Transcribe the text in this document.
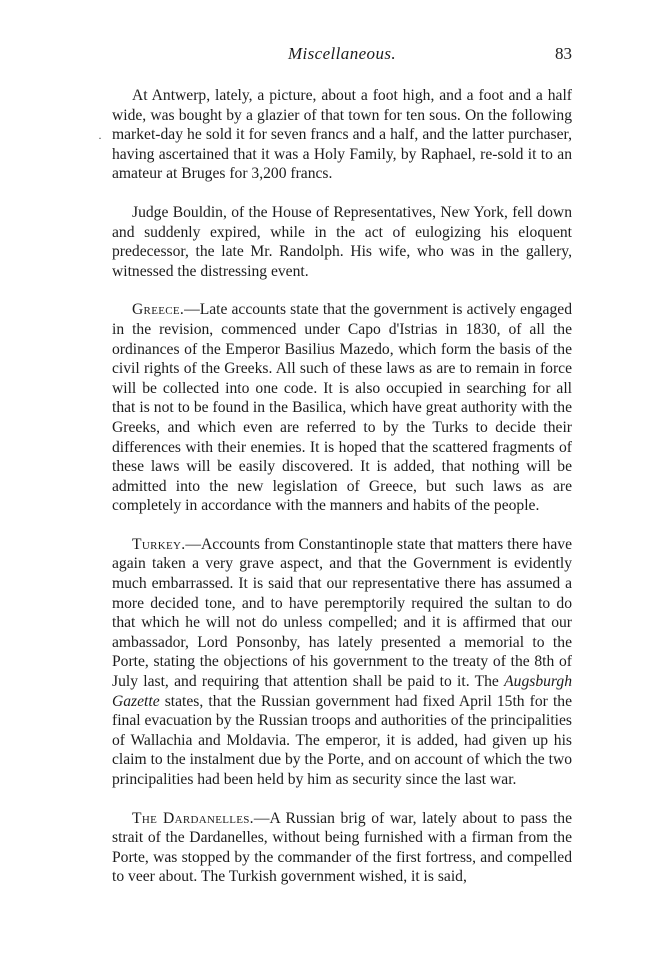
Miscellaneous.	83
·

At Antwerp, lately, a picture, about a foot high, and a foot and a half wide, was bought by a glazier of that town for ten sous. On the following market-day he sold it for seven francs and a half, and the latter purchaser, having ascertained that it was a Holy Family, by Raphael, re-sold it to an amateur at Bruges for 3,200 francs.

Judge Bouldin, of the House of Representatives, New York, fell down and suddenly expired, while in the act of eulogizing his eloquent predecessor, the late Mr. Randolph. His wife, who was in the gallery, witnessed the distressing event.

Greece.—Late accounts state that the government is actively engaged in the revision, commenced under Capo d'Istrias in 1830, of all the ordinances of the Emperor Basilius Mazedo, which form the basis of the civil rights of the Greeks. All such of these laws as are to remain in force will be collected into one code. It is also occupied in searching for all that is not to be found in the Basilica, which have great authority with the Greeks, and which even are referred to by the Turks to decide their differences with their enemies. It is hoped that the scattered fragments of these laws will be easily discovered. It is added, that nothing will be admitted into the new legislation of Greece, but such laws as are completely in accordance with the manners and habits of the people.

Turkey.—Accounts from Constantinople state that matters there have again taken a very grave aspect, and that the Government is evidently much embarrassed. It is said that our representative there has assumed a more decided tone, and to have peremptorily required the sultan to do that which he will not do unless compelled; and it is affirmed that our ambassador, Lord Ponsonby, has lately presented a memorial to the Porte, stating the objections of his government to the treaty of the 8th of July last, and requiring that attention shall be paid to it. The Augsburgh Gazette states, that the Russian government had fixed April 15th for the final evacuation by the Russian troops and authorities of the principalities of Wallachia and Moldavia. The emperor, it is added, had given up his claim to the instalment due by the Porte, and on account of which the two principalities had been held by him as security since the last war.

The Dardanelles.—A Russian brig of war, lately about to pass the strait of the Dardanelles, without being furnished with a firman from the Porte, was stopped by the commander of the first fortress, and compelled to veer about. The Turkish government wished, it is said,
